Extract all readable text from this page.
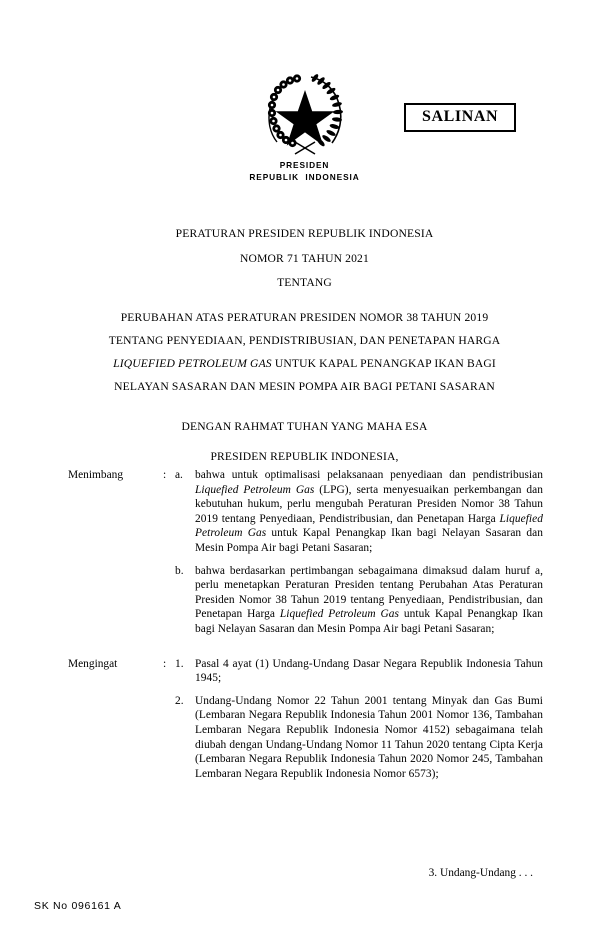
PRESIDEN
REPUBLIK  INDONESIA
SALINAN
PERATURAN PRESIDEN REPUBLIK INDONESIA
NOMOR 71 TAHUN 2021
TENTANG
PERUBAHAN ATAS PERATURAN PRESIDEN NOMOR 38 TAHUN 2019
TENTANG PENYEDIAAN, PENDISTRIBUSIAN, DAN PENETAPAN HARGA
LIQUEFIED PETROLEUM GAS UNTUK KAPAL PENANGKAP IKAN BAGI
NELAYAN SASARAN DAN MESIN POMPA AIR BAGI PETANI SASARAN
DENGAN RAHMAT TUHAN YANG MAHA ESA
PRESIDEN REPUBLIK INDONESIA,
Menimbang	: a.	bahwa untuk optimalisasi pelaksanaan penyediaan dan pendistribusian Liquefied Petroleum Gas (LPG), serta menyesuaikan perkembangan dan kebutuhan hukum, perlu mengubah Peraturan Presiden Nomor 38 Tahun 2019 tentang Penyediaan, Pendistribusian, dan Penetapan Harga Liquefied Petroleum Gas untuk Kapal Penangkap Ikan bagi Nelayan Sasaran dan Mesin Pompa Air bagi Petani Sasaran;
b.	bahwa berdasarkan pertimbangan sebagaimana dimaksud dalam huruf a, perlu menetapkan Peraturan Presiden tentang Perubahan Atas Peraturan Presiden Nomor 38 Tahun 2019 tentang Penyediaan, Pendistribusian, dan Penetapan Harga Liquefied Petroleum Gas untuk Kapal Penangkap Ikan bagi Nelayan Sasaran dan Mesin Pompa Air bagi Petani Sasaran;
Mengingat	: 1.	Pasal 4 ayat (1) Undang-Undang Dasar Negara Republik Indonesia Tahun 1945;
2.	Undang-Undang Nomor 22 Tahun 2001 tentang Minyak dan Gas Bumi (Lembaran Negara Republik Indonesia Tahun 2001 Nomor 136, Tambahan Lembaran Negara Republik Indonesia Nomor 4152) sebagaimana telah diubah dengan Undang-Undang Nomor 11 Tahun 2020 tentang Cipta Kerja (Lembaran Negara Republik Indonesia Tahun 2020 Nomor 245, Tambahan Lembaran Negara Republik Indonesia Nomor 6573);
3. Undang-Undang . . .
SK No 096161 A
